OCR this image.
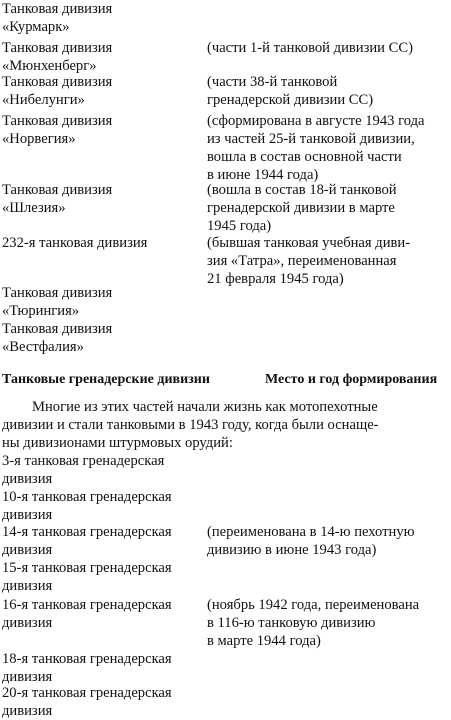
Танковая дивизия
«Курмарк»
Танковая дивизия
«Мюнхенберг»
(части 1-й танковой дивизии СС)
Танковая дивизия
«Нибелунги»
(части 38-й танковой
гренадерской дивизии СС)
Танковая дивизия
«Норвегия»
(сформирована в августе 1943 года
из частей 25-й танковой дивизии,
вошла в состав основной части
в июне 1944 года)
Танковая дивизия
«Шлезия»
(вошла в состав 18-й танковой
гренадерской дивизии в марте
1945 года)
232-я танковая дивизия	(бывшая танковая учебная диви-
зия «Татра», переименованная
21 февраля 1945 года)
Танковая дивизия
«Тюрингия»
Танковая дивизия
«Вестфалия»
Танковые гренадерские дивизии	Место и год формирования
Многие из этих частей начали жизнь как мотопехотные
дивизии и стали танковыми в 1943 году, когда были оснаще-
ны дивизионами штурмовых орудий:
3-я танковая гренадерская
дивизия
10-я танковая гренадерская
дивизия
14-я танковая гренадерская
дивизия
(переименована в 14-ю пехотную
дивизию в июне 1943 года)
15-я танковая гренадерская
дивизия
16-я танковая гренадерская
дивизия
(ноябрь 1942 года, переименована
в 116-ю танковую дивизию
в марте 1944 года)
18-я танковая гренадерская
дивизия
20-я танковая гренадерская
дивизия
